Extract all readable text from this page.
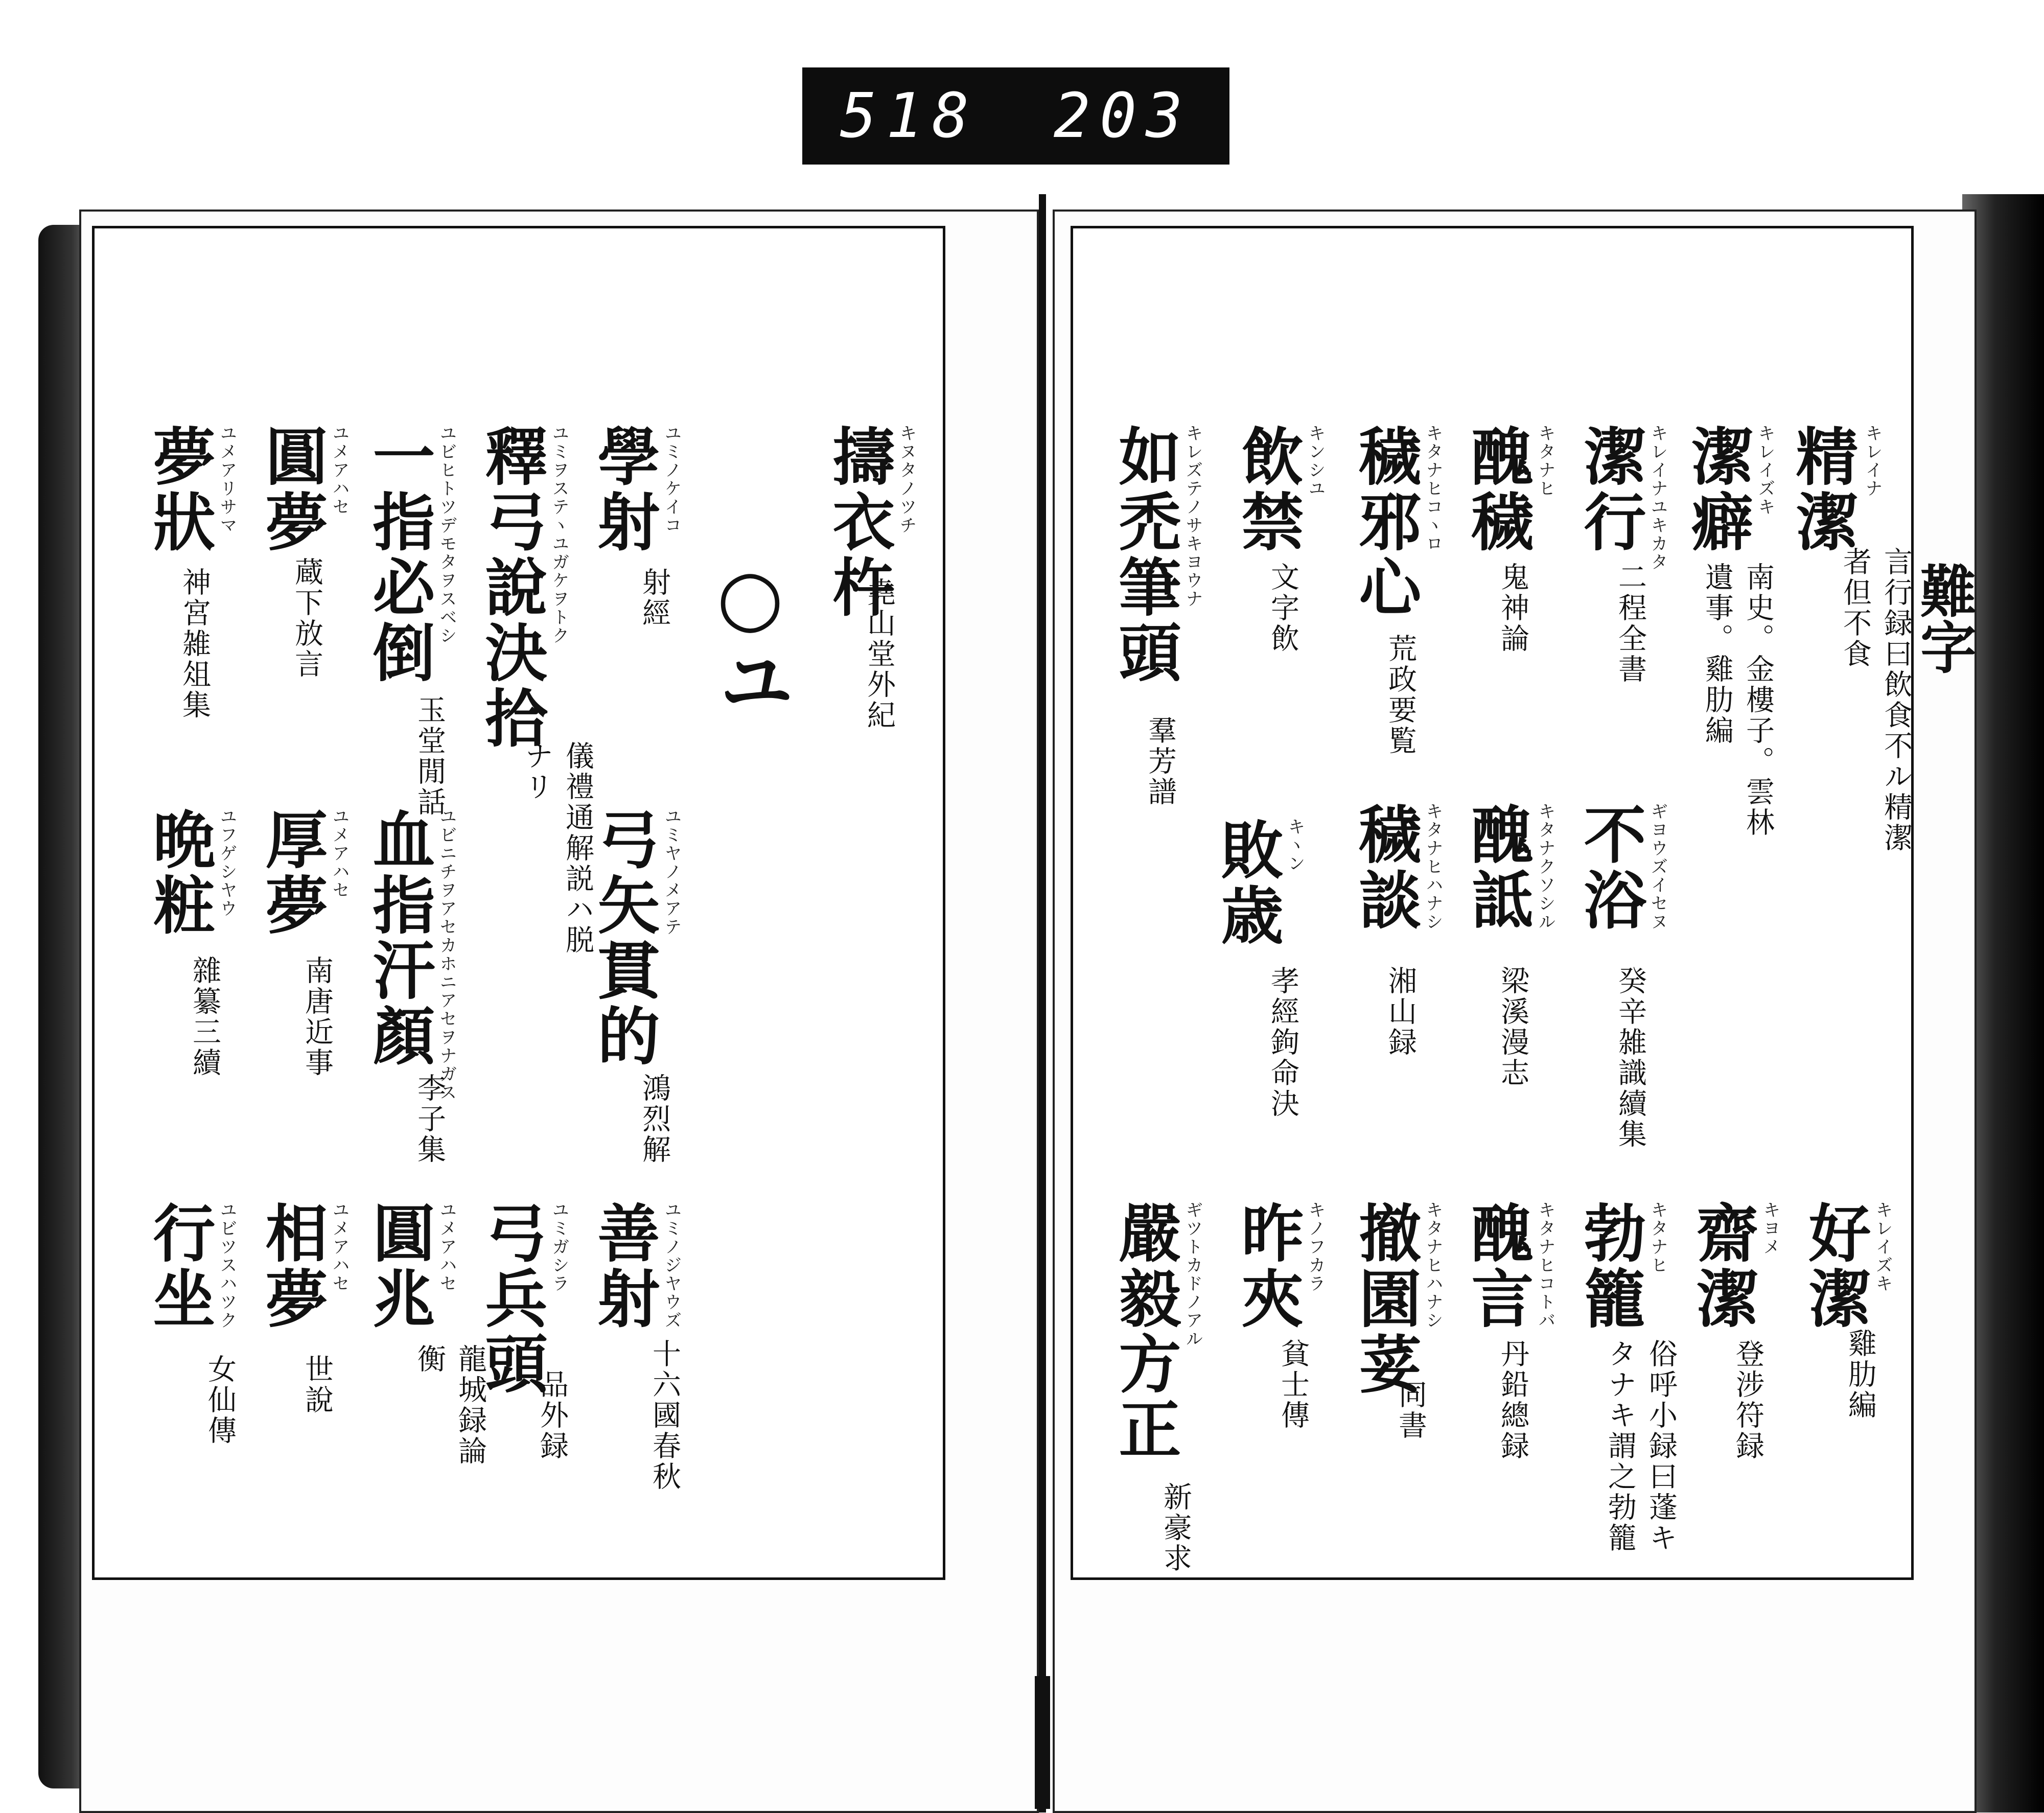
518 203
難字
精潔 キレイナ
言行録曰飲食不ル精潔者但不食
潔癖 キレイズキ
南史。金樓子。雲林遺事。雞肋編
潔行 キレイナユキカタ
二程全書
醜穢 キタナヒ
鬼神論
穢邪心 キタナヒコヽロ
荒政要覧
飲禁 キンシユ
文字飲
如禿筆頭 キレズテノサキヨウナ
羣芳譜
不浴 ギヨウズイセヌ
癸辛雑識續集
醜詆 キタナクソシル
梁溪漫志
穢談 キタナヒハナシ
湘山録
敗歳 キヽン
孝經鉤命決
好潔 キレイズキ
雞肋編
齋潔 キヨメ
登涉符録
勃籠 キタナヒ
俗呼小録曰蓬キタナキ謂之勃籠
醜言 キタナヒコトバ
丹鉛總録
撤園荽 キタナヒハナシ
同書
昨夾 キノフカラ
貧士傳
嚴毅方正 ギツトカドノアル
新豪求
擣衣杵 キヌタノツチ
堯山堂外紀
○ユ
學射 ユミノケイコ
射經
釋弓說決拾 ユミヲステヽユガケヲトク
儀禮通解説ハ脱ナリ
一指必倒 ユビヒトツデモタヲスベシ
玉堂閒話
圓夢 ユメアハセ
蔵下放言
夢狀 ユメアリサマ
神宮雑俎集
弓矢貫的 ユミヤノメアテ
鴻烈解
血指汗顏 ユビニチヲアセカホニアセヲナガス
李子集
厚夢 ユメアハセ
南唐近事
晩粧 ユフゲシヤウ
雜纂三續
善射 ユミノジヤウズ
十六國春秋
弓兵頭 ユミガシラ
品外録
圓兆 ユメアハセ
龍城録論衡
相夢 ユメアハセ
世說
行坐 ユビツスハツク
女仙傳
